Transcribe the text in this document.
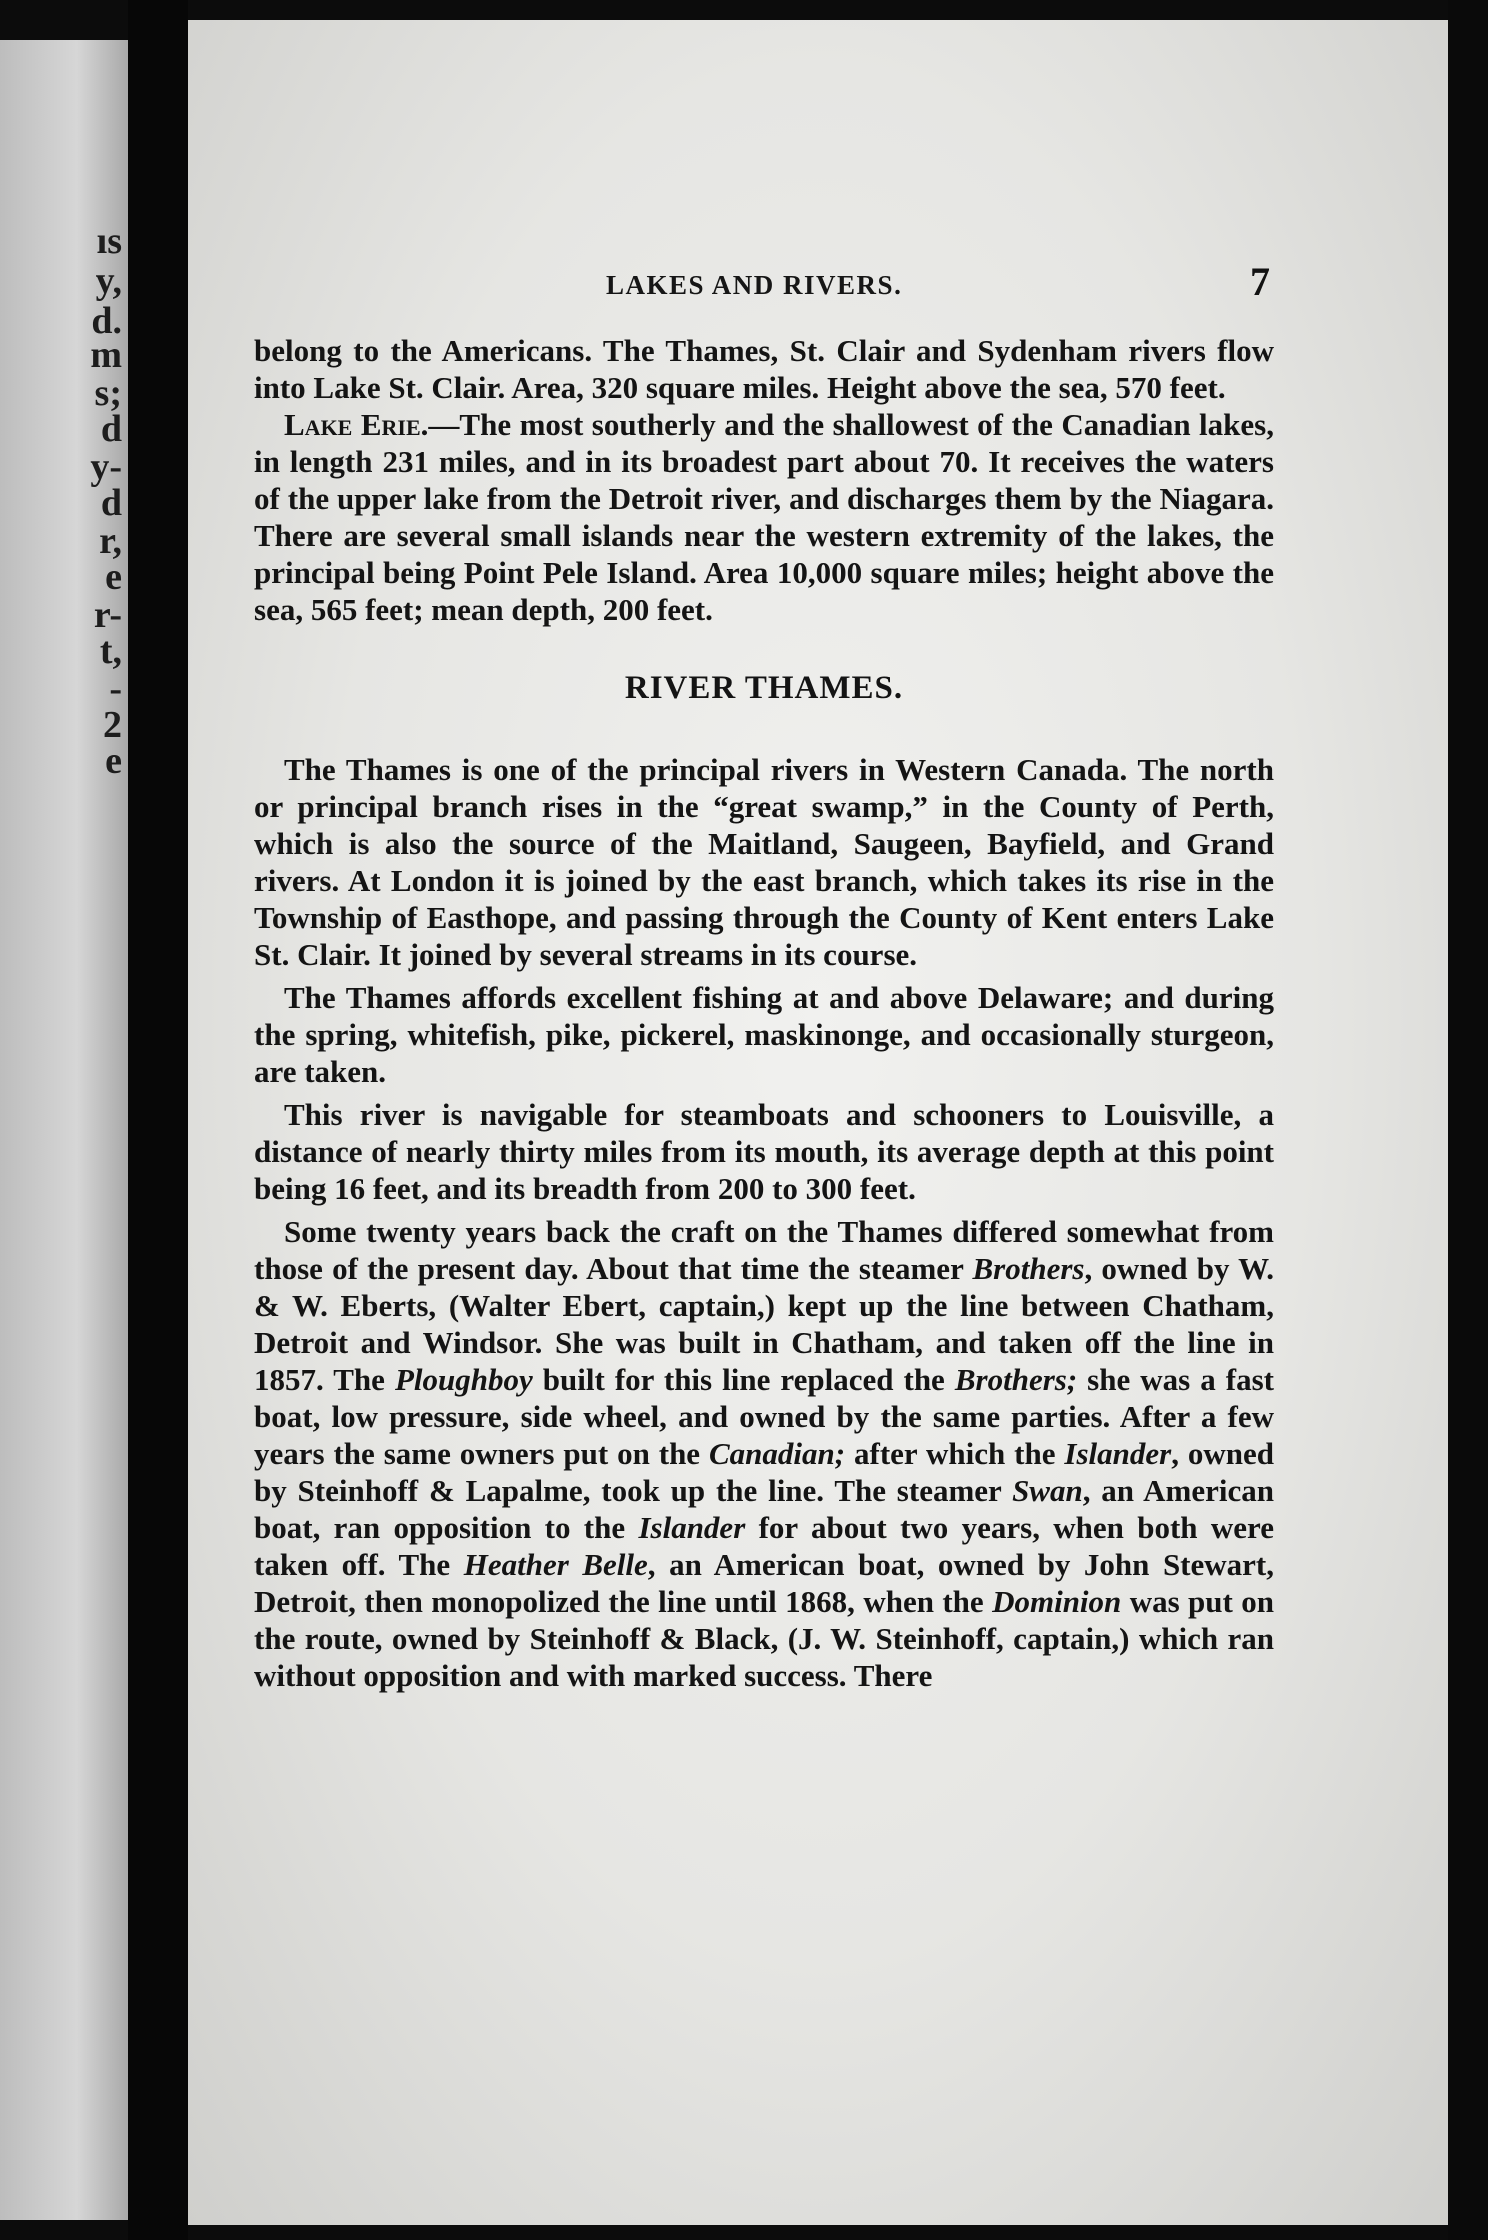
ıs
y,
d.
m
s;
d
y-
d
r,
e
r-
t,
-
2
e
LAKES AND RIVERS.	7

belong to the Americans. The Thames, St. Clair and Sydenham rivers flow into Lake St. Clair. Area, 320 square miles. Height above the sea, 570 feet.

Lake Erie.—The most southerly and the shallowest of the Canadian lakes, in length 231 miles, and in its broadest part about 70. It receives the waters of the upper lake from the Detroit river, and discharges them by the Niagara. There are several small islands near the western extremity of the lakes, the principal being Point Pele Island. Area 10,000 square miles; height above the sea, 565 feet; mean depth, 200 feet.

RIVER THAMES.

The Thames is one of the principal rivers in Western Canada. The north or principal branch rises in the “great swamp,” in the County of Perth, which is also the source of the Maitland, Saugeen, Bayfield, and Grand rivers. At London it is joined by the east branch, which takes its rise in the Township of Easthope, and passing through the County of Kent enters Lake St. Clair. It joined by several streams in its course.

The Thames affords excellent fishing at and above Delaware; and during the spring, whitefish, pike, pickerel, maskinonge, and occasionally sturgeon, are taken.

This river is navigable for steamboats and schooners to Louisville, a distance of nearly thirty miles from its mouth, its average depth at this point being 16 feet, and its breadth from 200 to 300 feet.

Some twenty years back the craft on the Thames differed somewhat from those of the present day. About that time the steamer Brothers, owned by W. & W. Eberts, (Walter Ebert, captain,) kept up the line between Chatham, Detroit and Windsor. She was built in Chatham, and taken off the line in 1857. The Ploughboy built for this line replaced the Brothers; she was a fast boat, low pressure, side wheel, and owned by the same parties. After a few years the same owners put on the Canadian; after which the Islander, owned by Steinhoff & Lapalme, took up the line. The steamer Swan, an American boat, ran opposition to the Islander for about two years, when both were taken off. The Heather Belle, an American boat, owned by John Stewart, Detroit, then monopolized the line until 1868, when the Dominion was put on the route, owned by Steinhoff & Black, (J. W. Steinhoff, captain,) which ran without opposition and with marked success. There
